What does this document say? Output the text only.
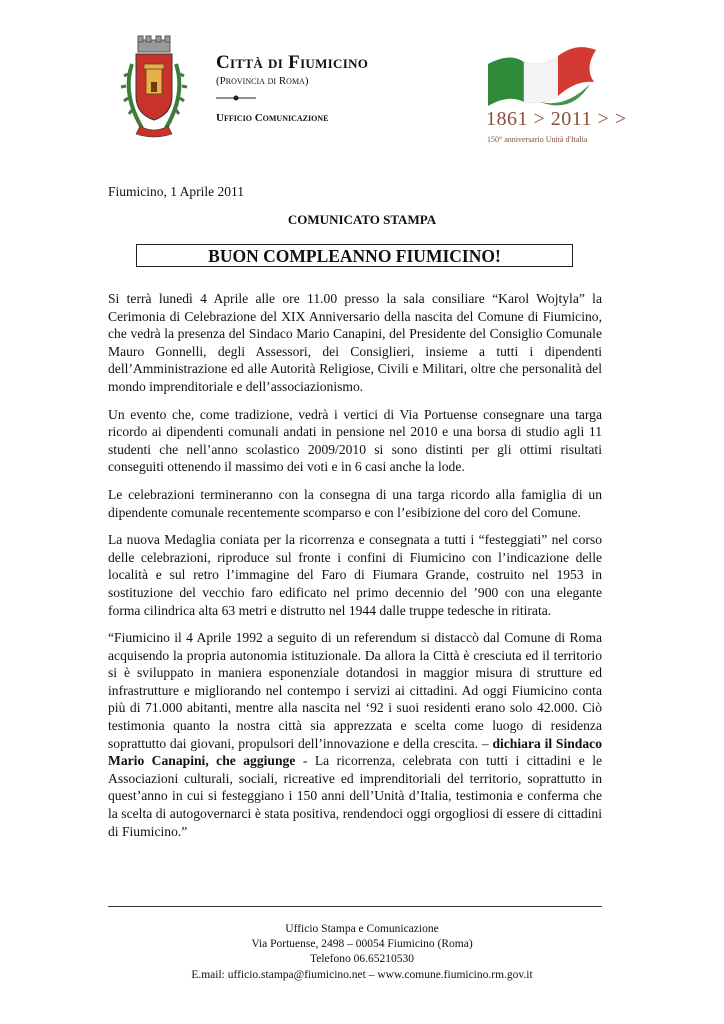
Città di Fiumicino
(Provincia di Roma)
Ufficio Comunicazione	1861 > 2011 > >
150° anniversario Unità d'Italia
Fiumicino, 1 Aprile 2011
COMUNICATO STAMPA
BUON COMPLEANNO FIUMICINO!

Si terrà lunedì 4 Aprile alle ore 11.00 presso la sala consiliare “Karol Wojtyla” la Cerimonia di Celebrazione del XIX Anniversario della nascita del Comune di Fiumicino, che vedrà la presenza del Sindaco Mario Canapini, del Presidente del Consiglio Comunale Mauro Gonnelli, degli Assessori, dei Consiglieri, insieme a tutti i dipendenti dell’Amministrazione ed alle Autorità Religiose, Civili e Militari, oltre che personalità del mondo imprenditoriale e dell’associazionismo.

Un evento che, come tradizione, vedrà i vertici di Via Portuense consegnare una targa ricordo ai dipendenti comunali andati in pensione nel 2010 e una borsa di studio agli 11 studenti che nell’anno scolastico 2009/2010 si sono distinti per gli ottimi risultati conseguiti ottenendo il massimo dei voti e in 6 casi anche la lode.

Le celebrazioni termineranno con la consegna di una targa ricordo alla famiglia di un dipendente comunale recentemente scomparso e con l’esibizione del coro del Comune.

La nuova Medaglia coniata per la ricorrenza e consegnata a tutti i “festeggiati” nel corso delle celebrazioni, riproduce sul fronte i confini di Fiumicino con l’indicazione delle località e sul retro l’immagine del Faro di Fiumara Grande, costruito nel 1953 in sostituzione del vecchio faro edificato nel primo decennio del ’900 con una elegante forma cilindrica alta 63 metri e distrutto nel 1944 dalle truppe tedesche in ritirata.

“Fiumicino il 4 Aprile 1992 a seguito di un referendum si distaccò dal Comune di Roma acquisendo la propria autonomia istituzionale. Da allora la Città è cresciuta ed il territorio si è sviluppato in maniera esponenziale dotandosi in maggior misura di strutture ed infrastrutture e migliorando nel contempo i servizi ai cittadini. Ad oggi Fiumicino conta più di 71.000 abitanti, mentre alla nascita nel ‘92 i suoi residenti erano solo 42.000. Ciò testimonia quanto la nostra città sia apprezzata e scelta come luogo di residenza soprattutto dai giovani, propulsori dell’innovazione e della crescita. – dichiara il Sindaco Mario Canapini, che aggiunge - La ricorrenza, celebrata con tutti i cittadini e le Associazioni culturali, sociali, ricreative ed imprenditoriali del territorio, soprattutto in quest’anno in cui si festeggiano i 150 anni dell’Unità d’Italia, testimonia e conferma che la scelta di autogovernarci è stata positiva, rendendoci oggi orgogliosi di essere di cittadini di Fiumicino.”

Ufficio Stampa e Comunicazione
Via Portuense, 2498 – 00054 Fiumicino (Roma)
Telefono 06.65210530
E.mail: ufficio.stampa@fiumicino.net – www.comune.fiumicino.rm.gov.it
